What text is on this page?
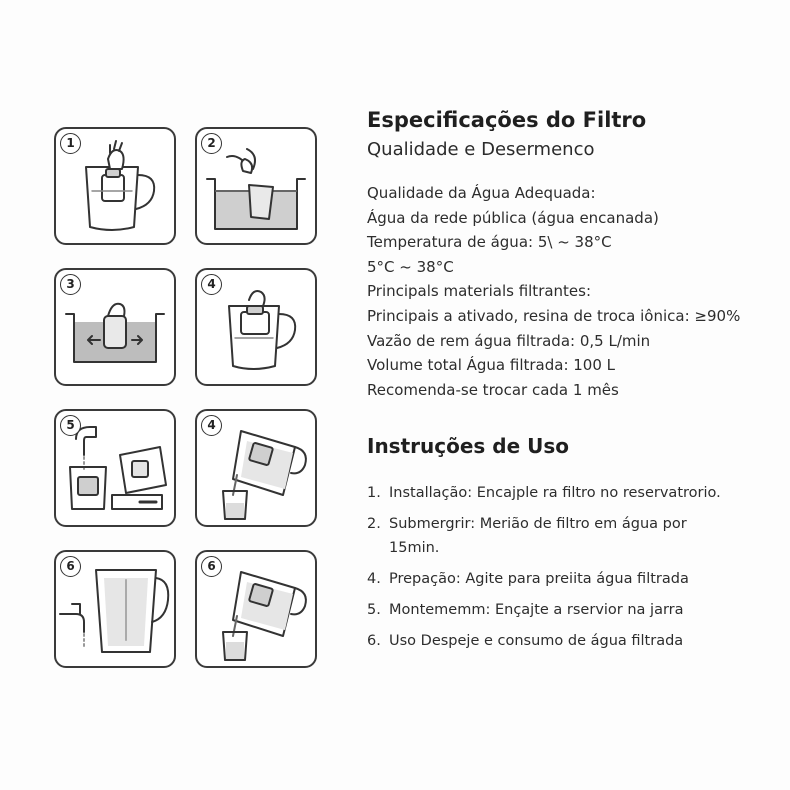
1	2
3	4
5	4
6	6
Especificações do Filtro
Qualidade e Desermenco
Qualidade da Água Adequada:
Água da rede pública (água encanada)
Temperatura de água: 5\ ~ 38°C
5°C ~ 38°C
Principals materials filtrantes:
Principais a ativado, resina de troca iônica: ≥90%
Vazão de rem água filtrada: 0,5 L/min
Volume total Água filtrada: 100 L
Recomenda-se trocar cada 1 mês
Instruções de Uso
1. Installação: Encajple ra filtro no reservatrorio.
2. Submergrir: Merião de filtro em água por 15min.
4. Prepação: Agite para preiita água filtrada
5. Montememm: Ençajte a rservior na jarra
6. Uso Despeje e consumo de água filtrada
